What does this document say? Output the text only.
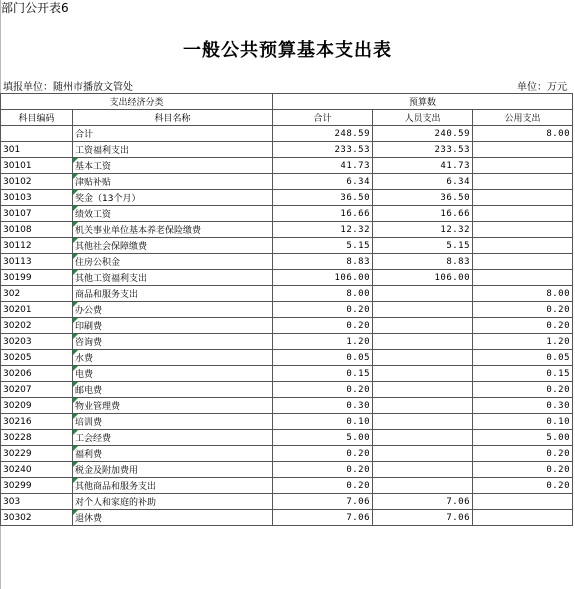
部门公开表6
一般公共预算基本支出表
填报单位：随州市播放文管处	单位：万元
支出经济分类		预算数		
科目编码	科目名称	合计	人员支出	公用支出
	合计	248.59	240.59	8.00
301	工资福利支出	233.53	233.53	
30101	基本工资	41.73	41.73	
30102	津贴补贴	6.34	6.34	
30103	奖金（13个月）	36.50	36.50	
30107	绩效工资	16.66	16.66	
30108	机关事业单位基本养老保险缴费	12.32	12.32	
30112	其他社会保障缴费	5.15	5.15	
30113	住房公积金	8.83	8.83	
30199	其他工资福利支出	106.00	106.00	
302	商品和服务支出	8.00		8.00
30201	办公费	0.20		0.20
30202	印刷费	0.20		0.20
30203	咨询费	1.20		1.20
30205	水费	0.05		0.05
30206	电费	0.15		0.15
30207	邮电费	0.20		0.20
30209	物业管理费	0.30		0.30
30216	培训费	0.10		0.10
30228	工会经费	5.00		5.00
30229	福利费	0.20		0.20
30240	税金及附加费用	0.20		0.20
30299	其他商品和服务支出	0.20		0.20
303	对个人和家庭的补助	7.06	7.06	
30302	退休费	7.06	7.06	
